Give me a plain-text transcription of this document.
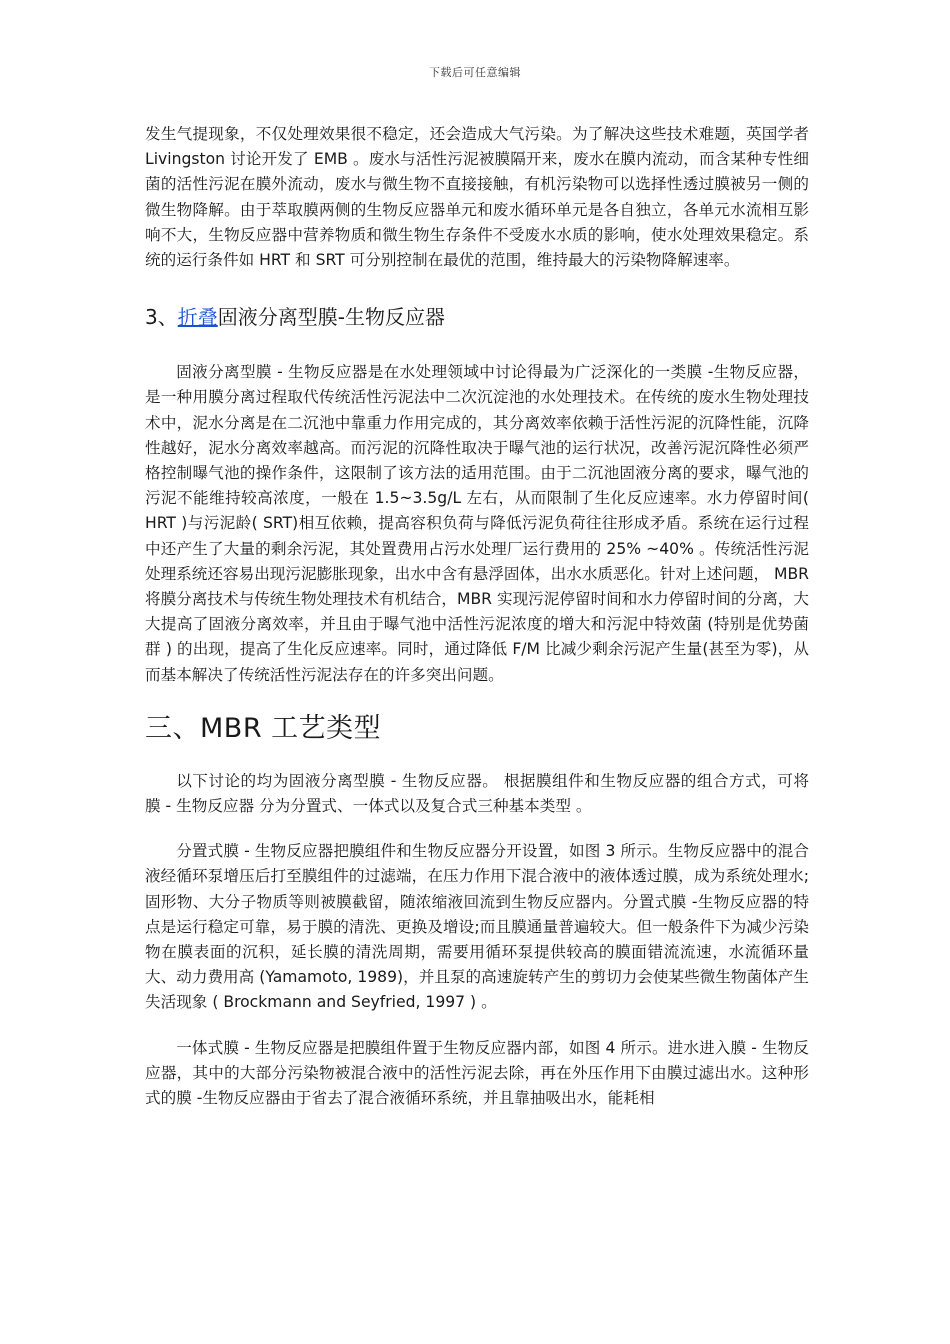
下载后可任意编辑

发生气提现象，不仅处理效果很不稳定，还会造成大气污染。为了解决这些技术难题，英国学者 Livingston 讨论开发了 EMB 。废水与活性污泥被膜隔开来，废水在膜内流动，而含某种专性细菌的活性污泥在膜外流动，废水与微生物不直接接触，有机污染物可以选择性透过膜被另一侧的微生物降解。由于萃取膜两侧的生物反应器单元和废水循环单元是各自独立，各单元水流相互影响不大，生物反应器中营养物质和微生物生存条件不受废水水质的影响，使水处理效果稳定。系统的运行条件如 HRT 和 SRT 可分别控制在最优的范围，维持最大的污染物降解速率。

3、折叠固液分离型膜-生物反应器

固液分离型膜 - 生物反应器是在水处理领域中讨论得最为广泛深化的一类膜 -生物反应器，是一种用膜分离过程取代传统活性污泥法中二次沉淀池的水处理技术。在传统的废水生物处理技术中，泥水分离是在二沉池中靠重力作用完成的，其分离效率依赖于活性污泥的沉降性能，沉降性越好，泥水分离效率越高。而污泥的沉降性取决于曝气池的运行状况，改善污泥沉降性必须严格控制曝气池的操作条件，这限制了该方法的适用范围。由于二沉池固液分离的要求，曝气池的污泥不能维持较高浓度，一般在 1.5~3.5g/L 左右，从而限制了生化反应速率。水力停留时间( HRT )与污泥龄( SRT)相互依赖，提高容积负荷与降低污泥负荷往往形成矛盾。系统在运行过程中还产生了大量的剩余污泥，其处置费用占污水处理厂运行费用的 25% ~40% 。传统活性污泥处理系统还容易出现污泥膨胀现象，出水中含有悬浮固体，出水水质恶化。针对上述问题， MBR 将膜分离技术与传统生物处理技术有机结合，MBR 实现污泥停留时间和水力停留时间的分离，大大提高了固液分离效率，并且由于曝气池中活性污泥浓度的增大和污泥中特效菌 (特别是优势菌群 ) 的出现，提高了生化反应速率。同时，通过降低 F/M 比减少剩余污泥产生量(甚至为零)，从而基本解决了传统活性污泥法存在的许多突出问题。

三、MBR 工艺类型

以下讨论的均为固液分离型膜 - 生物反应器。 根据膜组件和生物反应器的组合方式，可将 膜 - 生物反应器 分为分置式、一体式以及复合式三种基本类型 。

分置式膜 - 生物反应器把膜组件和生物反应器分开设置，如图 3 所示。生物反应器中的混合液经循环泵增压后打至膜组件的过滤端，在压力作用下混合液中的液体透过膜，成为系统处理水;固形物、大分子物质等则被膜截留，随浓缩液回流到生物反应器内。分置式膜 -生物反应器的特点是运行稳定可靠，易于膜的清洗、更换及增设;而且膜通量普遍较大。但一般条件下为减少污染物在膜表面的沉积，延长膜的清洗周期，需要用循环泵提供较高的膜面错流流速，水流循环量大、动力费用高 (Yamamoto, 1989)，并且泵的高速旋转产生的剪切力会使某些微生物菌体产生失活现象 ( Brockmann and Seyfried, 1997 ) 。

一体式膜 - 生物反应器是把膜组件置于生物反应器内部，如图 4 所示。进水进入膜 - 生物反应器，其中的大部分污染物被混合液中的活性污泥去除，再在外压作用下由膜过滤出水。这种形式的膜 -生物反应器由于省去了混合液循环系统，并且靠抽吸出水，能耗相
